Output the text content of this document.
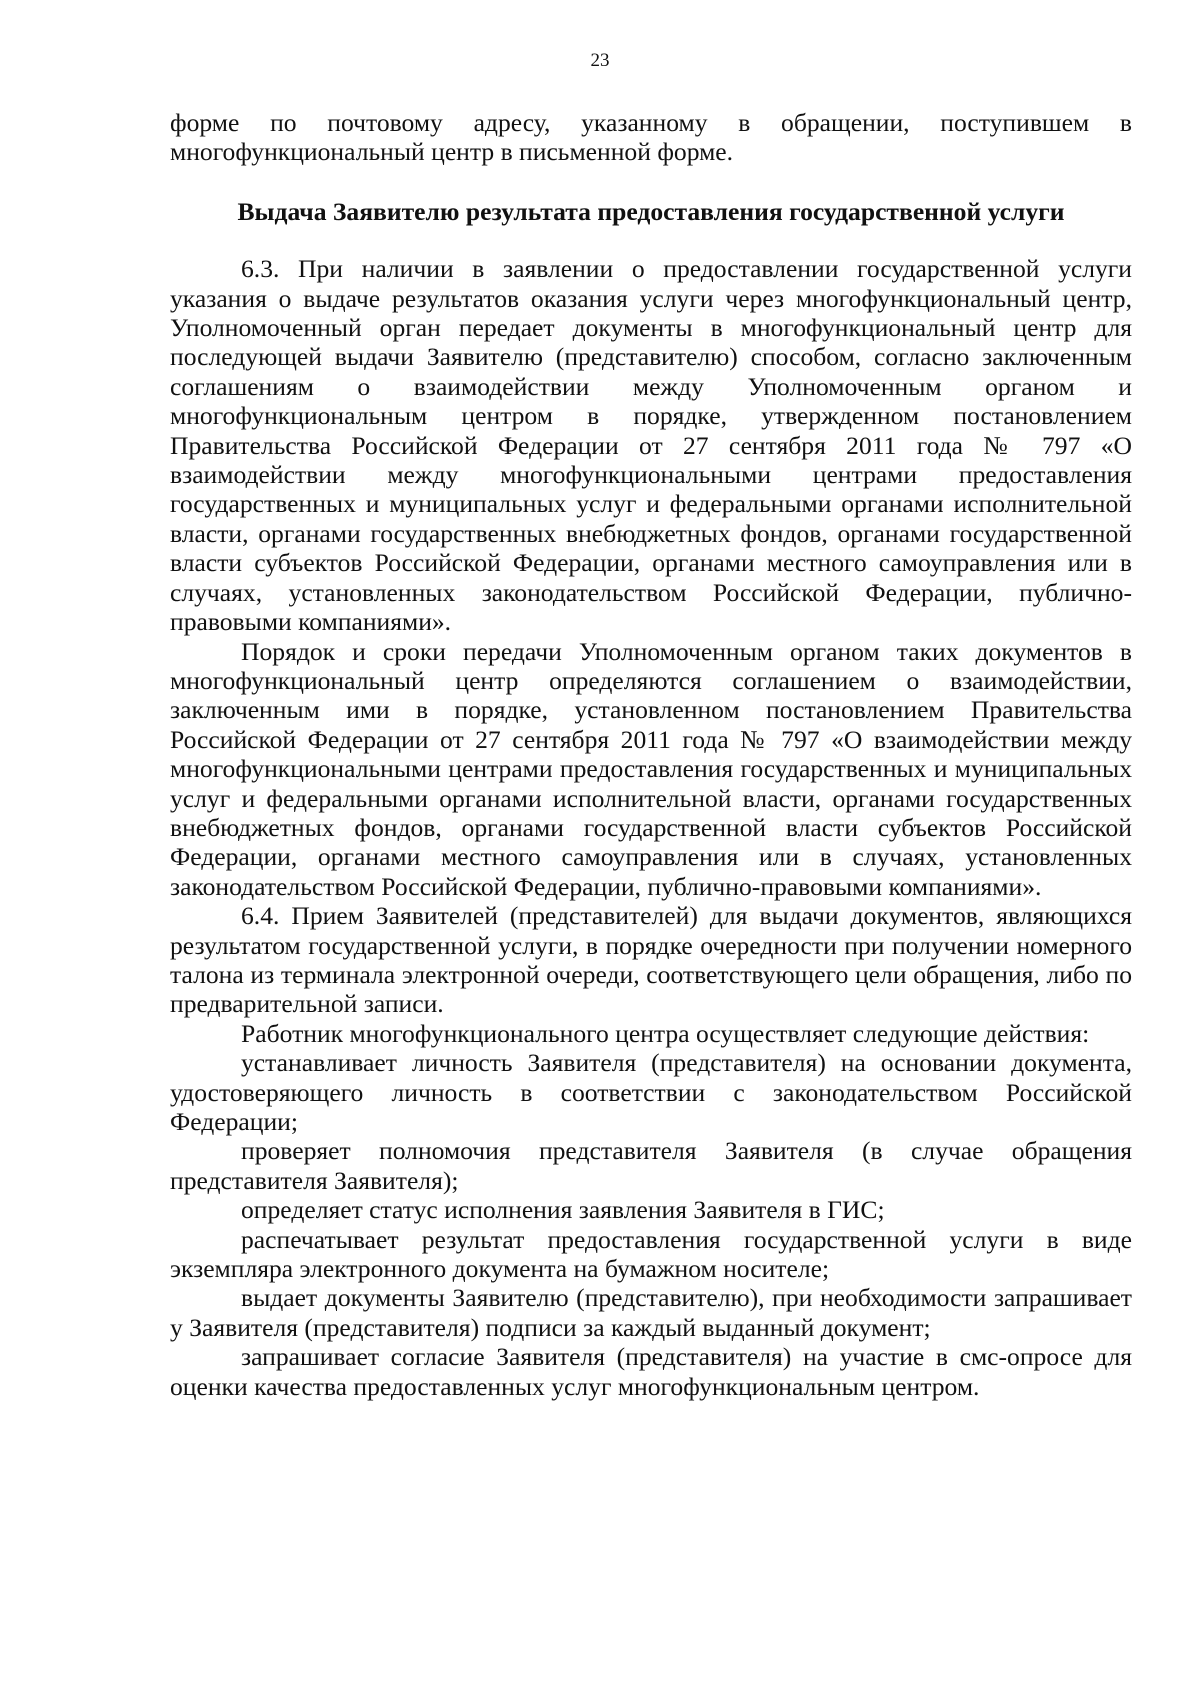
23

форме по почтовому адресу, указанному в обращении, поступившем в многофункциональный центр в письменной форме.

Выдача Заявителю результата предоставления государственной услуги

6.3. При наличии в заявлении о предоставлении государственной услуги указания о выдаче результатов оказания услуги через многофункциональный центр, Уполномоченный орган передает документы в многофункциональный центр для последующей выдачи Заявителю (представителю) способом, согласно заключенным соглашениям о взаимодействии между Уполномоченным органом и многофункциональным центром в порядке, утвержденном постановлением Правительства Российской Федерации от 27 сентября 2011 года № 797 «О взаимодействии между многофункциональными центрами предоставления государственных и муниципальных услуг и федеральными органами исполнительной власти, органами государственных внебюджетных фондов, органами государственной власти субъектов Российской Федерации, органами местного самоуправления или в случаях, установленных законодательством Российской Федерации, публично-правовыми компаниями».

Порядок и сроки передачи Уполномоченным органом таких документов в многофункциональный центр определяются соглашением о взаимодействии, заключенным ими в порядке, установленном постановлением Правительства Российской Федерации от 27 сентября 2011 года № 797 «О взаимодействии между многофункциональными центрами предоставления государственных и муниципальных услуг и федеральными органами исполнительной власти, органами государственных внебюджетных фондов, органами государственной власти субъектов Российской Федерации, органами местного самоуправления или в случаях, установленных законодательством Российской Федерации, публично-правовыми компаниями».

6.4. Прием Заявителей (представителей) для выдачи документов, являющихся результатом государственной услуги, в порядке очередности при получении номерного талона из терминала электронной очереди, соответствующего цели обращения, либо по предварительной записи.

Работник многофункционального центра осуществляет следующие действия:

устанавливает личность Заявителя (представителя) на основании документа, удостоверяющего личность в соответствии с законодательством Российской Федерации;

проверяет полномочия представителя Заявителя (в случае обращения представителя Заявителя);

определяет статус исполнения заявления Заявителя в ГИС;

распечатывает результат предоставления государственной услуги в виде экземпляра электронного документа на бумажном носителе;

выдает документы Заявителю (представителю), при необходимости запрашивает у Заявителя (представителя) подписи за каждый выданный документ;

запрашивает согласие Заявителя (представителя) на участие в смс-опросе для оценки качества предоставленных услуг многофункциональным центром.
